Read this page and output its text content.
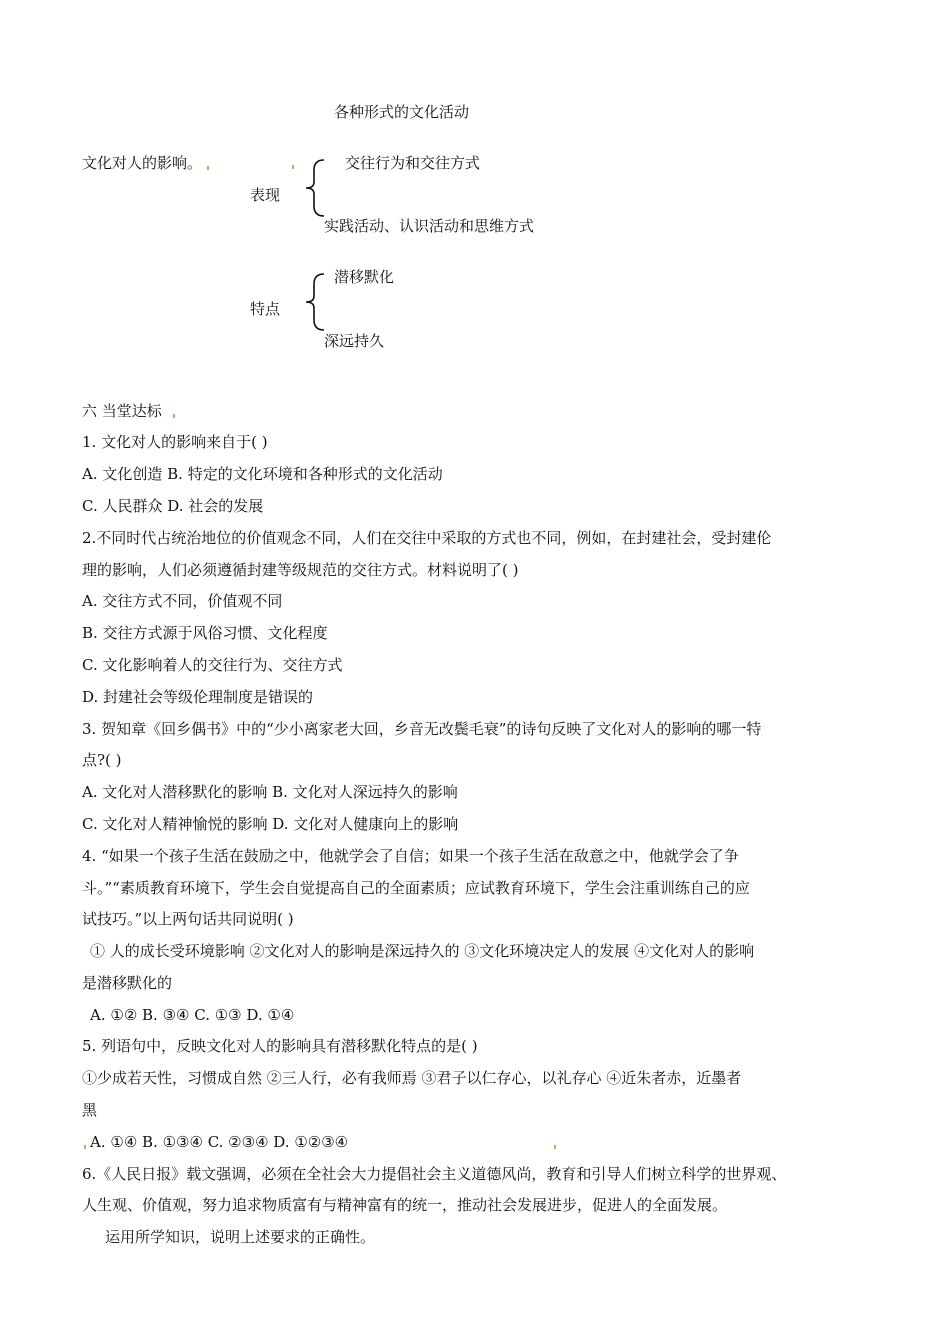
各种形式的文化活动
文化对人的影响。
表现
交往行为和交往方式
实践活动、认识活动和思维方式
特点
潜移默化
深远持久
六 当堂达标
1. 文化对人的影响来自于( )
A. 文化创造 B. 特定的文化环境和各种形式的文化活动
C. 人民群众 D. 社会的发展
2.不同时代占统治地位的价值观念不同，人们在交往中采取的方式也不同，例如，在封建社会，受封建伦
理的影响，人们必须遵循封建等级规范的交往方式。材料说明了( )
A. 交往方式不同，价值观不同
B. 交往方式源于风俗习惯、文化程度
C. 文化影响着人的交往行为、交往方式
D. 封建社会等级伦理制度是错误的
3. 贺知章《回乡偶书》中的“少小离家老大回，乡音无改鬓毛衰”的诗句反映了文化对人的影响的哪一特
点?( )
A. 文化对人潜移默化的影响 B. 文化对人深远持久的影响
C. 文化对人精神愉悦的影响 D. 文化对人健康向上的影响
4. “如果一个孩子生活在鼓励之中，他就学会了自信；如果一个孩子生活在敌意之中，他就学会了争
斗。”“素质教育环境下，学生会自觉提高自己的全面素质；应试教育环境下，学生会注重训练自己的应
试技巧。”以上两句话共同说明( )
① 人的成长受环境影响 ②文化对人的影响是深远持久的 ③文化环境决定人的发展 ④文化对人的影响
是潜移默化的
A. ①② B. ③④ C. ①③ D. ①④
5. 列语句中，反映文化对人的影响具有潜移默化特点的是( )
①少成若天性，习惯成自然 ②三人行，必有我师焉 ③君子以仁存心，以礼存心 ④近朱者赤，近墨者
黑
A. ①④ B. ①③④ C. ②③④ D. ①②③④
6.《人民日报》载文强调，必须在全社会大力提倡社会主义道德风尚，教育和引导人们树立科学的世界观、
人生观、价值观，努力追求物质富有与精神富有的统一，推动社会发展进步，促进人的全面发展。
运用所学知识，说明上述要求的正确性。
